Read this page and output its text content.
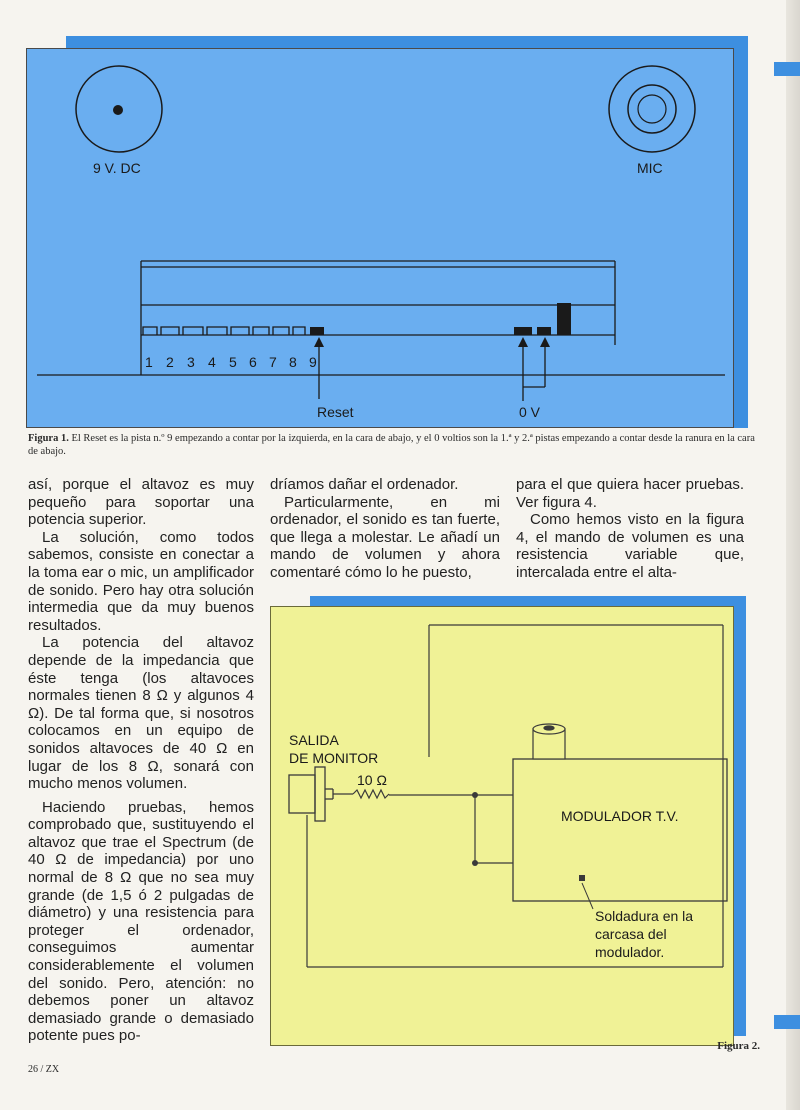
9 V. DC	MIC
1 2 3 4 5 6 7 8 9
Reset	0 V
Figura 1. El Reset es la pista n.º 9 empezando a contar por la izquierda, en la cara de abajo, y el 0 voltios son la 1.ª y 2.ª pistas empezando a contar desde la ranura en la cara de abajo.

así, porque el altavoz es muy pequeño para soportar una potencia superior.

La solución, como todos sabemos, consiste en conectar a la toma ear o mic, un amplificador de sonido. Pero hay otra solución intermedia que da muy buenos resultados.

La potencia del altavoz depende de la impedancia que éste tenga (los altavoces normales tienen 8 Ω y algunos 4 Ω). De tal forma que, si nosotros colocamos en un equipo de sonidos altavoces de 40 Ω en lugar de los 8 Ω, sonará con mucho menos volumen.

Haciendo pruebas, hemos comprobado que, sustituyendo el altavoz que trae el Spectrum (de 40 Ω de impedancia) por uno normal de 8 Ω que no sea muy grande (de 1,5 ó 2 pulgadas de diámetro) y una resistencia para proteger el ordenador, conseguimos aumentar considerablemente el volumen del sonido. Pero, atención: no debemos poner un altavoz demasiado grande o demasiado potente pues po-

dríamos dañar el ordenador.

Particularmente, en mi ordenador, el sonido es tan fuerte, que llega a molestar. Le añadí un mando de volumen y ahora comentaré cómo lo he puesto,

para el que quiera hacer pruebas. Ver figura 4.

Como hemos visto en la figura 4, el mando de volumen es una resistencia variable que, intercalada entre el alta-

10 Ω
SALIDA
DE MONITOR
MODULADOR T.V.
Soldadura en la
carcasa del
modulador.
Figura 2.
26 / ZX
